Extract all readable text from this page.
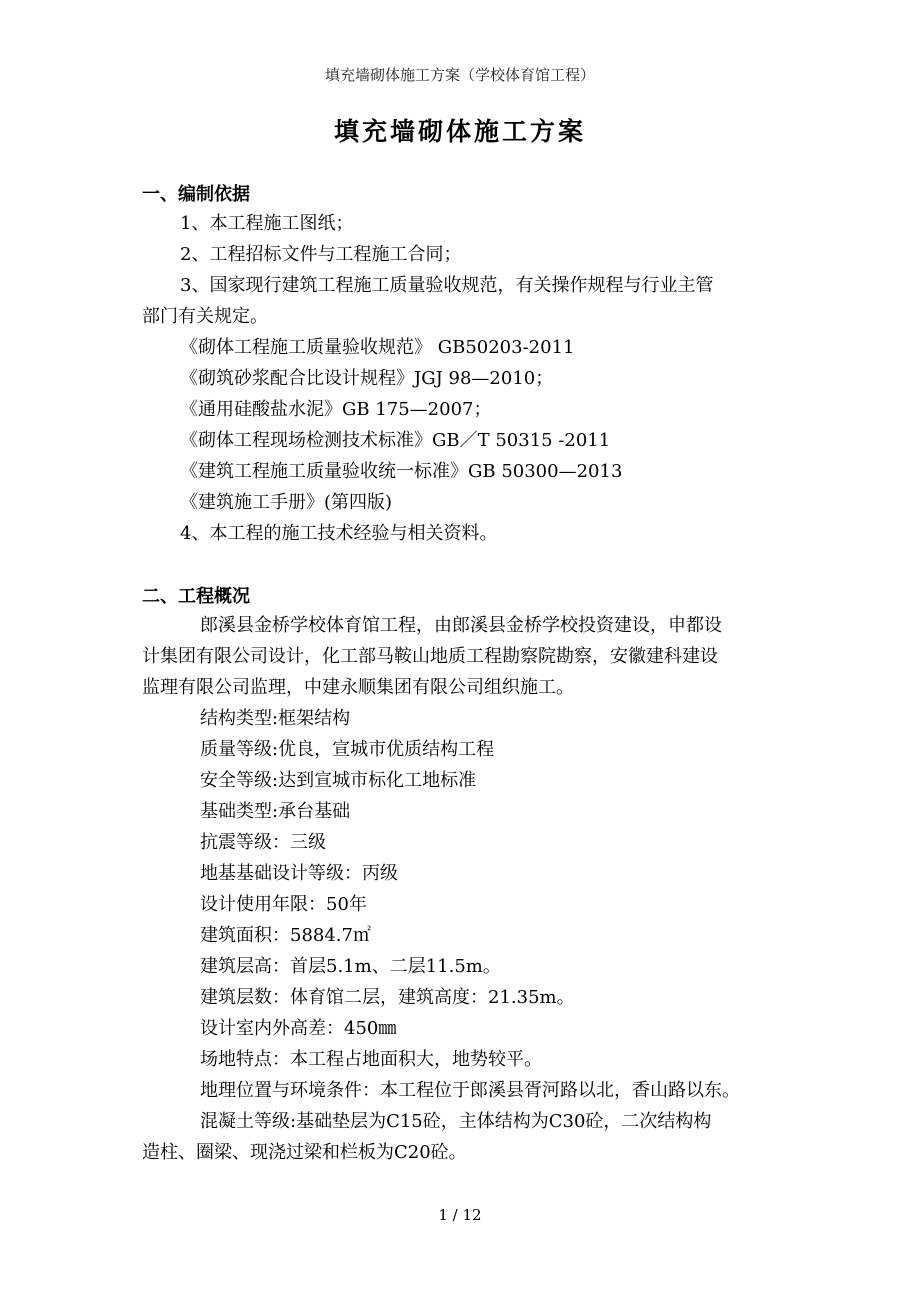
填充墙砌体施工方案（学校体育馆工程）
填充墙砌体施工方案
一、编制依据
1、本工程施工图纸；
2、工程招标文件与工程施工合同；
3、国家现行建筑工程施工质量验收规范，有关操作规程与行业主管
部门有关规定。
《砌体工程施工质量验收规范》 GB50203-2011
《砌筑砂浆配合比设计规程》JGJ 98—2010；
《通用硅酸盐水泥》GB 175—2007；
《砌体工程现场检测技术标准》GB／T 50315 -2011
《建筑工程施工质量验收统一标准》GB 50300—2013
《建筑施工手册》(第四版)
4、本工程的施工技术经验与相关资料。
二、工程概况
郎溪县金桥学校体育馆工程，由郎溪县金桥学校投资建设，申都设
计集团有限公司设计，化工部马鞍山地质工程勘察院勘察，安徽建科建设
监理有限公司监理，中建永顺集团有限公司组织施工。
结构类型:框架结构
质量等级:优良，宣城市优质结构工程
安全等级:达到宣城市标化工地标准
基础类型:承台基础
抗震等级：三级
地基基础设计等级：丙级
设计使用年限：50年
建筑面积：5884.7㎡
建筑层高：首层5.1m、二层11.5m。
建筑层数：体育馆二层，建筑高度：21.35m。
设计室内外高差：450㎜
场地特点：本工程占地面积大，地势较平。
地理位置与环境条件：本工程位于郎溪县胥河路以北，香山路以东。
混凝土等级:基础垫层为C15砼，主体结构为C30砼，二次结构构
造柱、圈梁、现浇过梁和栏板为C20砼。
1 / 12
